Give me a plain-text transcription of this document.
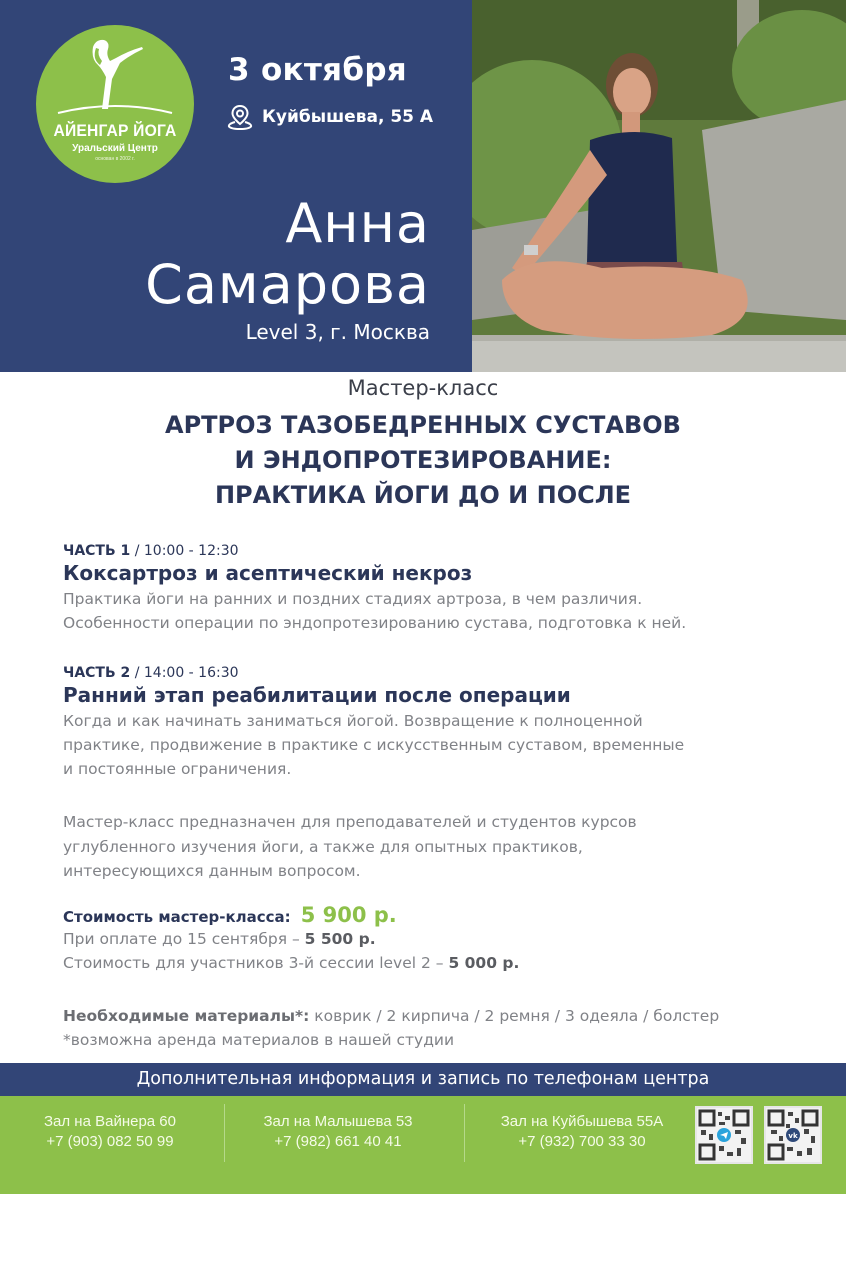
АЙЕНГАР ЙОГА
Уральский Центр
основан в 2002 г.
3 октября
Куйбышева, 55 А
Анна
Самарова
Level 3, г. Москва
Мастер-класс
АРТРОЗ ТАЗОБЕДРЕННЫХ СУСТАВОВ
И ЭНДОПРОТЕЗИРОВАНИЕ:
ПРАКТИКА ЙОГИ ДО И ПОСЛЕ
ЧАСТЬ 1 / 10:00 - 12:30
Коксартроз и асептический некроз
Практика йоги на ранних и поздних стадиях артроза, в чем различия.
Особенности операции по эндопротезированию сустава, подготовка к ней.
ЧАСТЬ 2 / 14:00 - 16:30
Ранний этап реабилитации после операции
Когда и как начинать заниматься йогой. Возвращение к полноценной
практике, продвижение в практике с искусственным суставом, временные
и постоянные ограничения.
Мастер-класс предназначен для преподавателей и студентов курсов
углубленного изучения йоги, а также для опытных практиков,
интересующихся данным вопросом.
Стоимость мастер-класса: 5 900 р.
При оплате до 15 сентября – 5 500 р.
Стоимость для участников 3-й сессии level 2 – 5 000 р.
Необходимые материалы*: коврик / 2 кирпича / 2 ремня / 3 одеяла / болстер
*возможна аренда материалов в нашей студии
Дополнительная информация и запись по телефонам центра
Зал на Вайнера 60
+7 (903) 082 50 99
Зал на Малышева 53
+7 (982) 661 40 41
Зал на Куйбышева 55А
+7 (932) 700 33 30	vk
